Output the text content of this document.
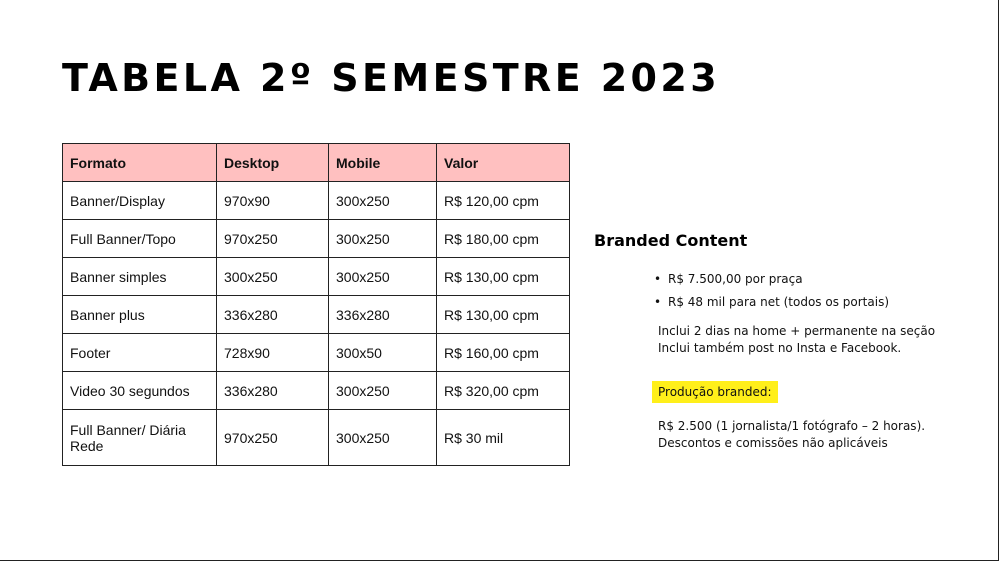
TABELA 2º SEMESTRE 2023
Formato	Desktop	Mobile	Valor
Banner/Display	970x90	300x250	R$ 120,00 cpm
Full Banner/Topo	970x250	300x250	R$ 180,00 cpm
Banner simples	300x250	300x250	R$ 130,00 cpm
Banner plus	336x280	336x280	R$ 130,00 cpm
Footer	728x90	300x50	R$ 160,00 cpm
Video 30 segundos	336x280	300x250	R$ 320,00 cpm
Full Banner/ Diária Rede	970x250	300x250	R$ 30 mil
Branded Content
• R$ 7.500,00 por praça
• R$ 48 mil para net (todos os portais)
Inclui 2 dias na home + permanente na seção
Inclui também post no Insta e Facebook.
Produção branded:
R$ 2.500 (1 jornalista/1 fotógrafo – 2 horas).
Descontos e comissões não aplicáveis
